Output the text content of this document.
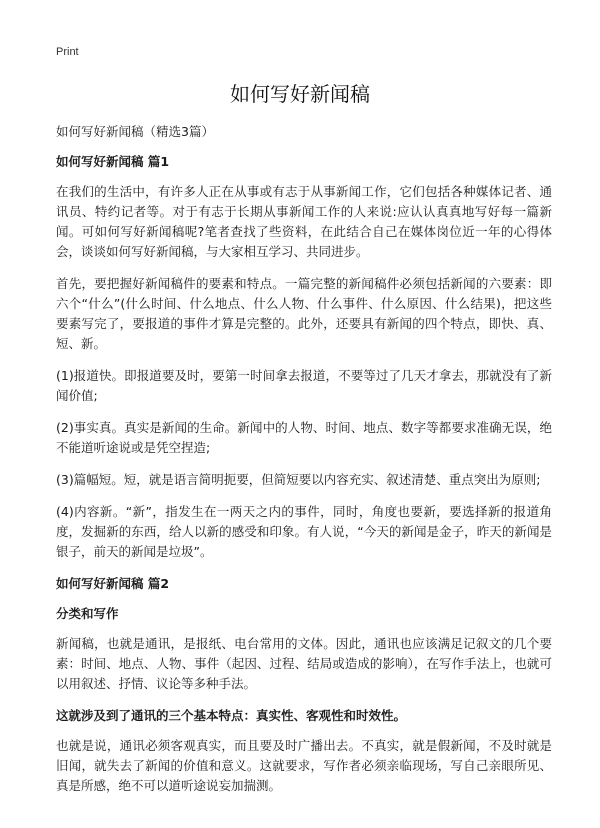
Print
如何写好新闻稿
如何写好新闻稿（精选3篇）
如何写好新闻稿 篇1

在我们的生活中，有许多人正在从事或有志于从事新闻工作，它们包括各种媒体记者、通讯员、特约记者等。对于有志于长期从事新闻工作的人来说:应认认真真地写好每一篇新闻。可如何写好新闻稿呢?笔者查找了些资料，在此结合自己在媒体岗位近一年的心得体会，谈谈如何写好新闻稿，与大家相互学习、共同进步。

首先，要把握好新闻稿件的要素和特点。一篇完整的新闻稿件必须包括新闻的六要素：即六个“什么”(什么时间、什么地点、什么人物、什么事件、什么原因、什么结果)，把这些要素写完了，要报道的事件才算是完整的。此外，还要具有新闻的四个特点，即快、真、短、新。

(1)报道快。即报道要及时，要第一时间拿去报道，不要等过了几天才拿去，那就没有了新闻价值;

(2)事实真。真实是新闻的生命。新闻中的人物、时间、地点、数字等都要求准确无误，绝不能道听途说或是凭空捏造;

(3)篇幅短。短，就是语言简明扼要，但简短要以内容充实、叙述清楚、重点突出为原则;

(4)内容新。“新”，指发生在一两天之内的事件，同时，角度也要新，要选择新的报道角度，发掘新的东西，给人以新的感受和印象。有人说，“今天的新闻是金子，昨天的新闻是银子，前天的新闻是垃圾”。

如何写好新闻稿 篇2
分类和写作

新闻稿，也就是通讯，是报纸、电台常用的文体。因此，通讯也应该满足记叙文的几个要素：时间、地点、人物、事件（起因、过程、结局或造成的影响），在写作手法上，也就可以用叙述、抒情、议论等多种手法。

这就涉及到了通讯的三个基本特点：真实性、客观性和时效性。

也就是说，通讯必须客观真实，而且要及时广播出去。不真实，就是假新闻，不及时就是旧闻，就失去了新闻的价值和意义。这就要求，写作者必须亲临现场，写自己亲眼所见、真是所感，绝不可以道听途说妄加揣测。
